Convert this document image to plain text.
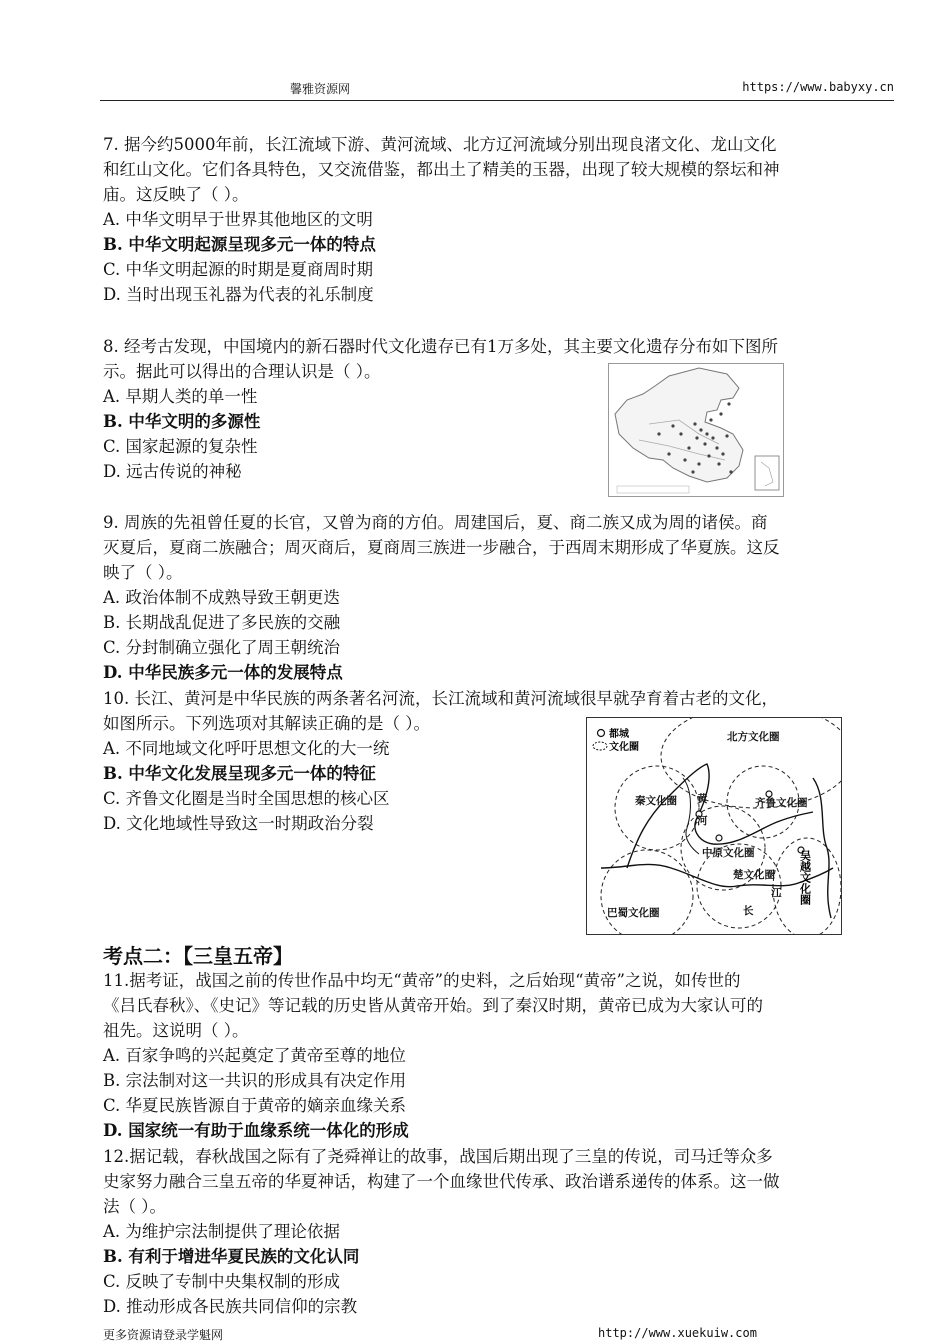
馨雅资源网	https://www.babyxy.cn
7. 据今约5000年前，长江流域下游、黄河流域、北方辽河流域分别出现良渚文化、龙山文化
和红山文化。它们各具特色，又交流借鉴，都出土了精美的玉器，出现了较大规模的祭坛和神
庙。这反映了（ ）。
A. 中华文明早于世界其他地区的文明
B. 中华文明起源呈现多元一体的特点
C. 中华文明起源的时期是夏商周时期
D. 当时出现玉礼器为代表的礼乐制度
8. 经考古发现，中国境内的新石器时代文化遗存已有1万多处，其主要文化遗存分布如下图所
示。据此可以得出的合理认识是（ ）。
A. 早期人类的单一性
B. 中华文明的多源性
C. 国家起源的复杂性
D. 远古传说的神秘
9. 周族的先祖曾任夏的长官，又曾为商的方伯。周建国后，夏、商二族又成为周的诸侯。商
灭夏后，夏商二族融合；周灭商后，夏商周三族进一步融合，于西周末期形成了华夏族。这反
映了（ ）。
A. 政治体制不成熟导致王朝更迭
B. 长期战乱促进了多民族的交融
C. 分封制确立强化了周王朝统治
D. 中华民族多元一体的发展特点
10. 长江、黄河是中华民族的两条著名河流，长江流域和黄河流域很早就孕育着古老的文化，
如图所示。下列选项对其解读正确的是（ ）。
A. 不同地域文化呼吁思想文化的大一统
B. 中华文化发展呈现多元一体的特征
C. 齐鲁文化圈是当时全国思想的核心区
D. 文化地域性导致这一时期政治分裂
都城
文化圈
北方文化圈
秦文化圈	齐鲁文化圈
中原文化圈
楚文化圈
巴蜀文化圈
黄
河
江
长
吴越文化圈
考点二：【三皇五帝】
11.据考证，战国之前的传世作品中均无“黄帝”的史料，之后始现“黄帝”之说，如传世的
《吕氏春秋》、《史记》等记载的历史皆从黄帝开始。到了秦汉时期，黄帝已成为大家认可的
祖先。这说明（ ）。
A. 百家争鸣的兴起奠定了黄帝至尊的地位
B. 宗法制对这一共识的形成具有决定作用
C. 华夏民族皆源自于黄帝的嫡亲血缘关系
D. 国家统一有助于血缘系统一体化的形成
12.据记载，春秋战国之际有了尧舜禅让的故事，战国后期出现了三皇的传说，司马迁等众多
史家努力融合三皇五帝的华夏神话，构建了一个血缘世代传承、政治谱系递传的体系。这一做
法（ ）。
A. 为维护宗法制提供了理论依据
B. 有利于增进华夏民族的文化认同
C. 反映了专制中央集权制的形成
D. 推动形成各民族共同信仰的宗教
更多资源请登录学魁网	http://www.xuekuiw.com
